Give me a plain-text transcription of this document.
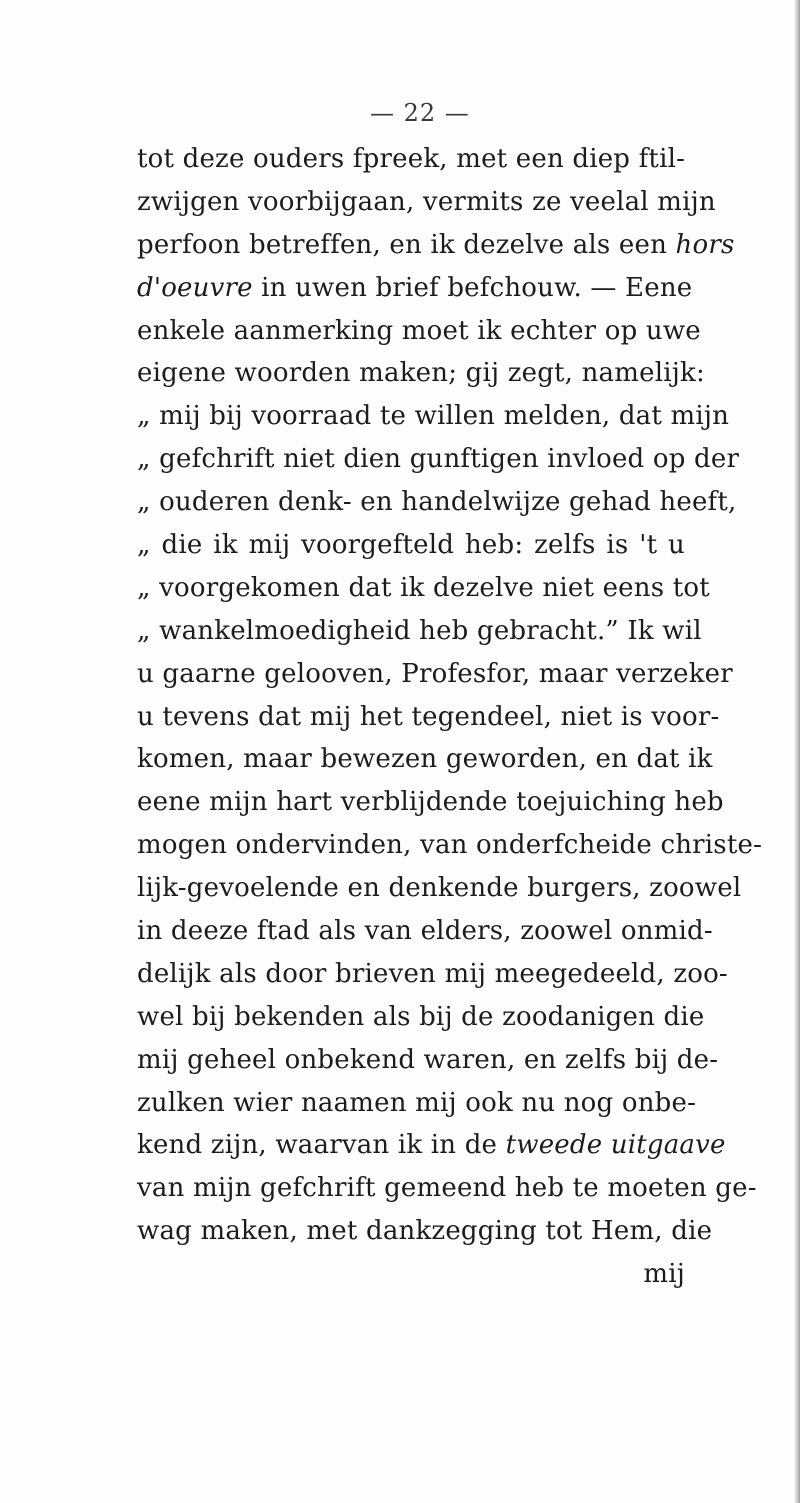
— 22 —
tot deze ouders fpreek, met een diep ftil-
zwijgen voorbijgaan, vermits ze veelal mijn
perfoon betreffen, en ik dezelve als een hors
d'oeuvre in uwen brief befchouw. — Eene
enkele aanmerking moet ik echter op uwe
eigene woorden maken; gij zegt, namelijk:
„ mij bij voorraad te willen melden, dat mijn
„ gefchrift niet dien gunftigen invloed op der
„ ouderen denk- en handelwijze gehad heeft,
„ die ik mij voorgefteld heb: zelfs is 't u
„ voorgekomen dat ik dezelve niet eens tot
„ wankelmoedigheid heb gebracht.” Ik wil
u gaarne gelooven, Profesfor, maar verzeker
u tevens dat mij het tegendeel, niet is voor-
komen, maar bewezen geworden, en dat ik
eene mijn hart verblijdende toejuiching heb
mogen ondervinden, van onderfcheide christe-
lijk-gevoelende en denkende burgers, zoowel
in deeze ftad als van elders, zoowel onmid-
delijk als door brieven mij meegedeeld, zoo-
wel bij bekenden als bij de zoodanigen die
mij geheel onbekend waren, en zelfs bij de-
zulken wier naamen mij ook nu nog onbe-
kend zijn, waarvan ik in de tweede uitgaave
van mijn gefchrift gemeend heb te moeten ge-
wag maken, met dankzegging tot Hem, die
mij
